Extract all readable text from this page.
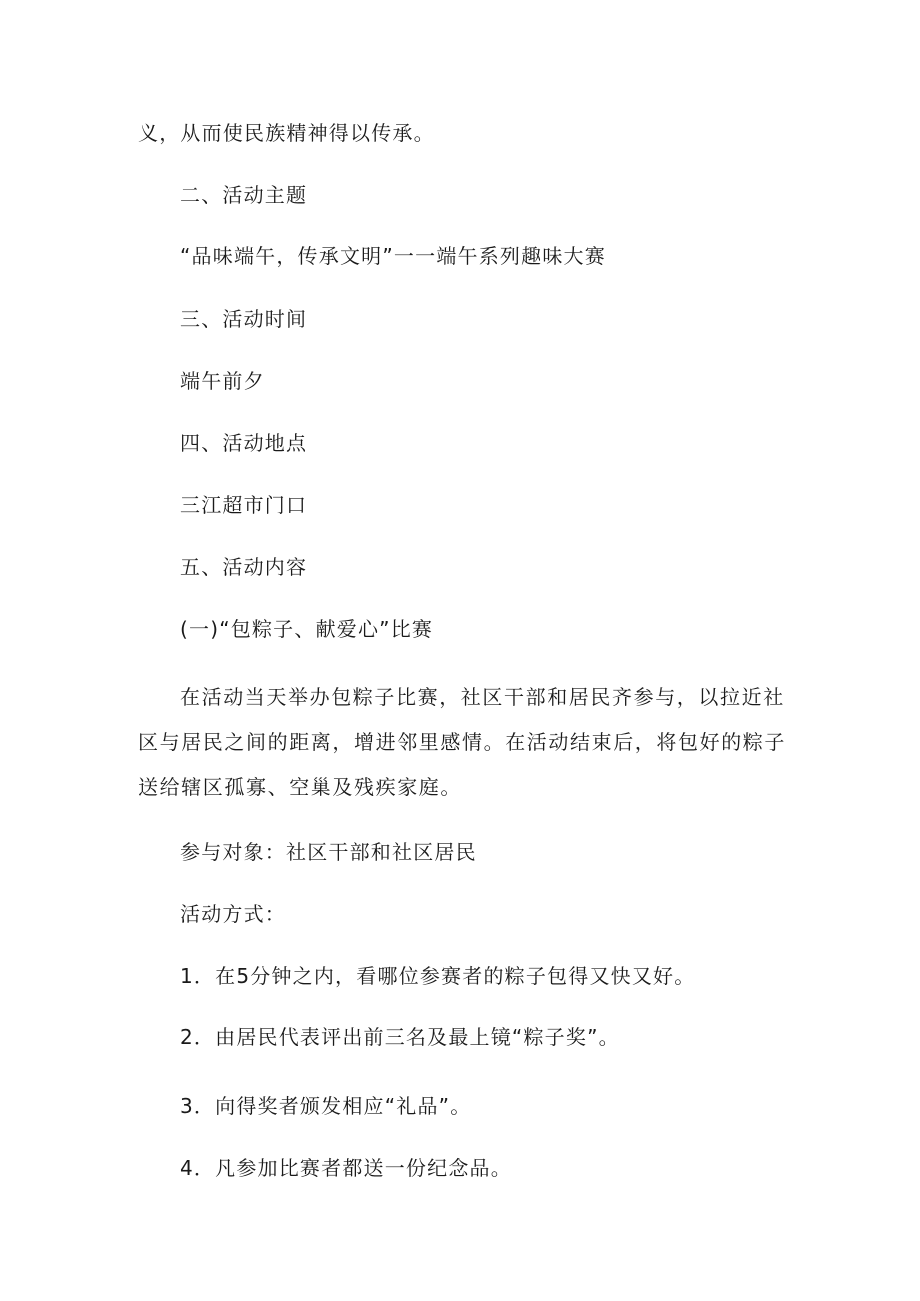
义，从而使民族精神得以传承。

二、活动主题

“品味端午，传承文明”一一端午系列趣味大赛

三、活动时间

端午前夕

四、活动地点

三江超市门口

五、活动内容

(一)“包粽子、献爱心”比赛

在活动当天举办包粽子比赛，社区干部和居民齐参与，以拉近社区与居民之间的距离，增进邻里感情。在活动结束后，将包好的粽子送给辖区孤寡、空巢及残疾家庭。

参与对象：社区干部和社区居民

活动方式：

1．在5分钟之内，看哪位参赛者的粽子包得又快又好。

2．由居民代表评出前三名及最上镜“粽子奖”。

3．向得奖者颁发相应“礼品”。

4．凡参加比赛者都送一份纪念品。
